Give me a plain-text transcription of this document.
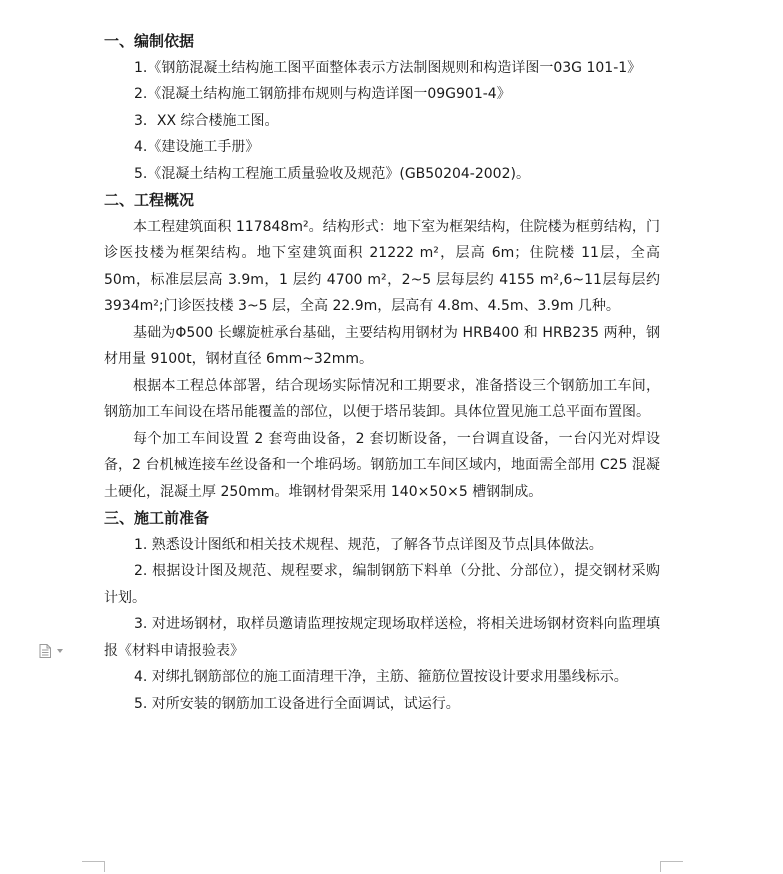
一、编制依据

1.《钢筋混凝土结构施工图平面整体表示方法制图规则和构造详图一03G 101-1》

2.《混凝土结构施工钢筋排布规则与构造详图一09G901-4》

3．XX 综合楼施工图。

4.《建设施工手册》

5.《混凝土结构工程施工质量验收及规范》(GB50204-2002)。

二、工程概况

本工程建筑面积 117848m²。结构形式：地下室为框架结构，住院楼为框剪结构，门诊医技楼为框架结构。地下室建筑面积 21222 m²，层高 6m；住院楼 11层，全高 50m，标准层层高 3.9m，1 层约 4700 m²，2~5 层每层约 4155 m²,6~11层每层约 3934m²;门诊医技楼 3~5 层，全高 22.9m，层高有 4.8m、4.5m、3.9m 几种。

基础为Φ500 长螺旋桩承台基础，主要结构用钢材为 HRB400 和 HRB235 两种，钢材用量 9100t，钢材直径 6mm~32mm。

根据本工程总体部署，结合现场实际情况和工期要求，准备搭设三个钢筋加工车间，钢筋加工车间设在塔吊能覆盖的部位，以便于塔吊装卸。具体位置见施工总平面布置图。

每个加工车间设置 2 套弯曲设备，2 套切断设备，一台调直设备，一台闪光对焊设备，2 台机械连接车丝设备和一个堆码场。钢筋加工车间区域内，地面需全部用 C25 混凝土硬化，混凝土厚 250mm。堆钢材骨架采用 140×50×5 槽钢制成。

三、施工前准备

1. 熟悉设计图纸和相关技术规程、规范，了解各节点详图及节点 具体做法。

2. 根据设计图及规范、规程要求，编制钢筋下料单（分批、分部位），提交钢材采购计划。

3. 对进场钢材，取样员邀请监理按规定现场取样送检，将相关进场钢材资料向监理填报《材料申请报验表》

4. 对绑扎钢筋部位的施工面清理干净，主筋、箍筋位置按设计要求用墨线标示。

5. 对所安装的钢筋加工设备进行全面调试，试运行。
